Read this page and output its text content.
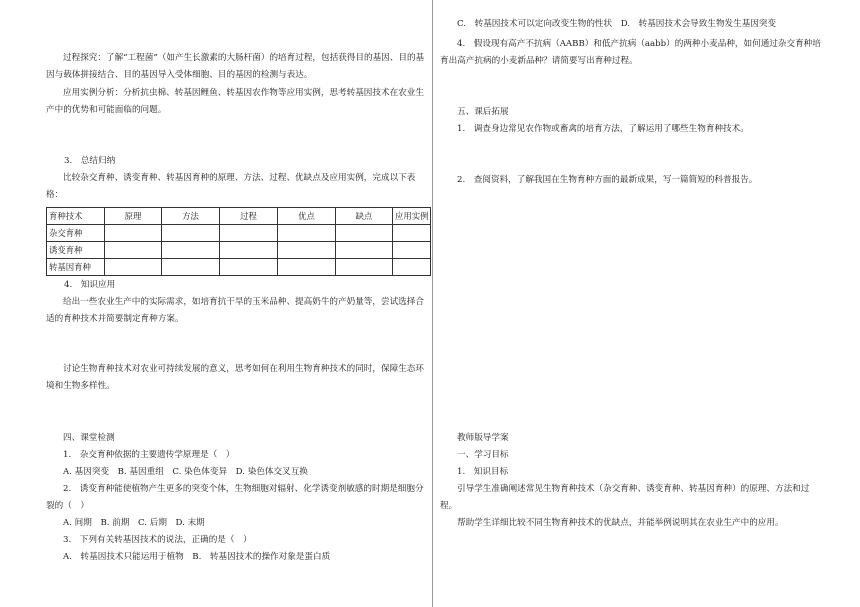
过程探究：了解“工程菌”（如产生长激素的大肠杆菌）的培育过程，包括获得目的基因、目的基因与载体拼接结合、目的基因导入受体细胞、目的基因的检测与表达。

应用实例分析：分析抗虫棉、转基因鲤鱼、转基因农作物等应用实例，思考转基因技术在农业生产中的优势和可能面临的问题。

3.　总结归纳

比较杂交育种、诱变育种、转基因育种的原理、方法、过程、优缺点及应用实例，完成以下表格：

育种技术	原理	方法	过程	优点	缺点	应用实例
杂交育种						
诱变育种						
转基因育种						

4.　知识应用

给出一些农业生产中的实际需求，如培育抗干旱的玉米品种、提高奶牛的产奶量等，尝试选择合适的育种技术并简要制定育种方案。

讨论生物育种技术对农业可持续发展的意义，思考如何在利用生物育种技术的同时，保障生态环境和生物多样性。

四、课堂检测

1.　杂交育种依据的主要遗传学原理是（　）

A. 基因突变　B. 基因重组　C. 染色体变异　D. 染色体交叉互换

2.　诱变育种能使植物产生更多的突变个体，生物细胞对辐射、化学诱变剂敏感的时期是细胞分裂的（　）

A. 间期　B. 前期　C. 后期　D. 末期

3.　下列有关转基因技术的说法，正确的是（　）

A.　转基因技术只能运用于植物　B.　转基因技术的操作对象是蛋白质

C.　转基因技术可以定向改变生物的性状　D.　转基因技术会导致生物发生基因突变

4.　假设现有高产不抗病（AABB）和低产抗病（aabb）的两种小麦品种，如何通过杂交育种培育出高产抗病的小麦新品种？请简要写出育种过程。

五、课后拓展

1.　调查身边常见农作物或畜禽的培育方法，了解运用了哪些生物育种技术。

2.　查阅资料，了解我国在生物育种方面的最新成果，写一篇简短的科普报告。

教师版导学案

一、学习目标

1.　知识目标

引导学生准确阐述常见生物育种技术（杂交育种、诱变育种、转基因育种）的原理、方法和过程。

帮助学生详细比较不同生物育种技术的优缺点，并能举例说明其在农业生产中的应用。
